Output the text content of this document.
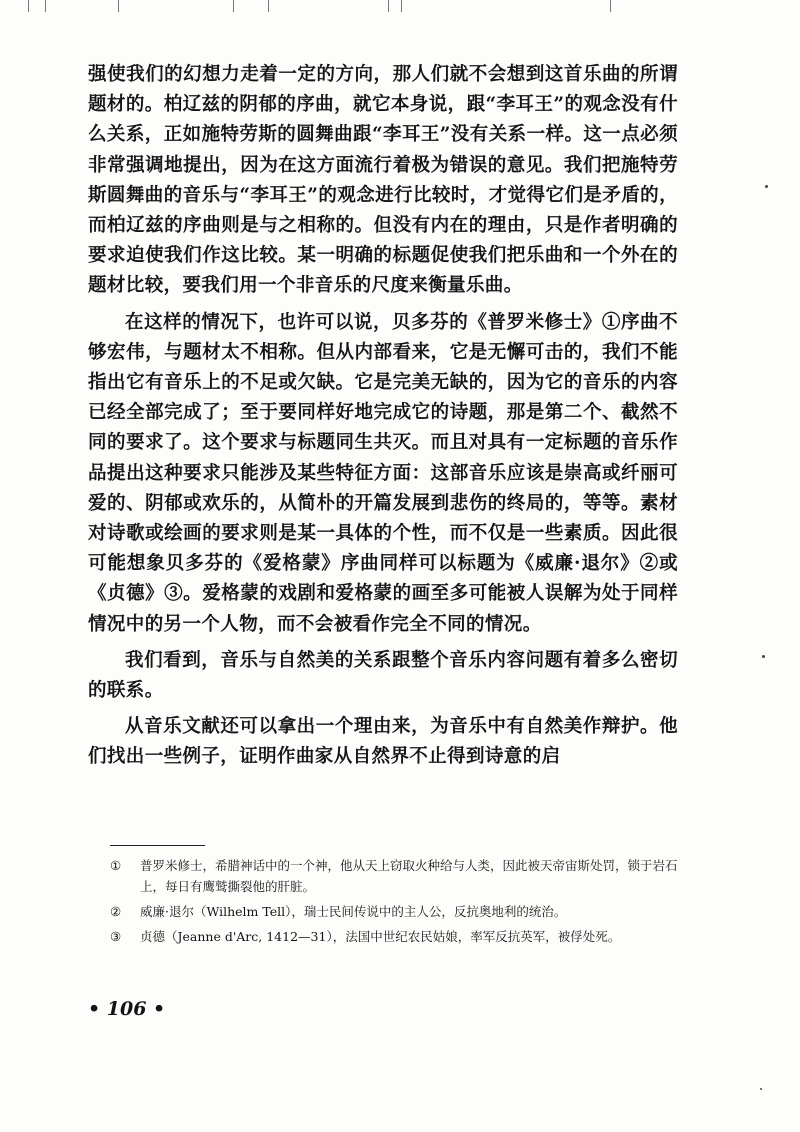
强使我们的幻想力走着一定的方向，那人们就不会想到这首乐曲的所谓题材的。柏辽兹的阴郁的序曲，就它本身说，跟“李耳王”的观念没有什么关系，正如施特劳斯的圆舞曲跟“李耳王”没有关系一样。这一点必须非常强调地提出，因为在这方面流行着极为错误的意见。我们把施特劳斯圆舞曲的音乐与“李耳王”的观念进行比较时，才觉得它们是矛盾的，而柏辽兹的序曲则是与之相称的。但没有内在的理由，只是作者明确的要求迫使我们作这比较。某一明确的标题促使我们把乐曲和一个外在的题材比较，要我们用一个非音乐的尺度来衡量乐曲。

在这样的情况下，也许可以说，贝多芬的《普罗米修士》①序曲不够宏伟，与题材太不相称。但从内部看来，它是无懈可击的，我们不能指出它有音乐上的不足或欠缺。它是完美无缺的，因为它的音乐的内容已经全部完成了；至于要同样好地完成它的诗题，那是第二个、截然不同的要求了。这个要求与标题同生共灭。而且对具有一定标题的音乐作品提出这种要求只能涉及某些特征方面：这部音乐应该是崇高或纤丽可爱的、阴郁或欢乐的，从简朴的开篇发展到悲伤的终局的，等等。素材对诗歌或绘画的要求则是某一具体的个性，而不仅是一些素质。因此很可能想象贝多芬的《爱格蒙》序曲同样可以标题为《威廉·退尔》②或《贞德》③。爱格蒙的戏剧和爱格蒙的画至多可能被人误解为处于同样情况中的另一个人物，而不会被看作完全不同的情况。

我们看到，音乐与自然美的关系跟整个音乐内容问题有着多么密切的联系。

从音乐文献还可以拿出一个理由来，为音乐中有自然美作辩护。他们找出一些例子，证明作曲家从自然界不止得到诗意的启

①	普罗米修士，希腊神话中的一个神，他从天上窃取火种给与人类，因此被天帝宙斯处罚，锁于岩石上，每日有鹰鹫撕裂他的肝脏。
②	威廉·退尔（Wilhelm Tell），瑞士民间传说中的主人公，反抗奥地利的统治。
③	贞德（Jeanne d'Arc, 1412—31），法国中世纪农民姑娘，率军反抗英军，被俘处死。
• 106 •
